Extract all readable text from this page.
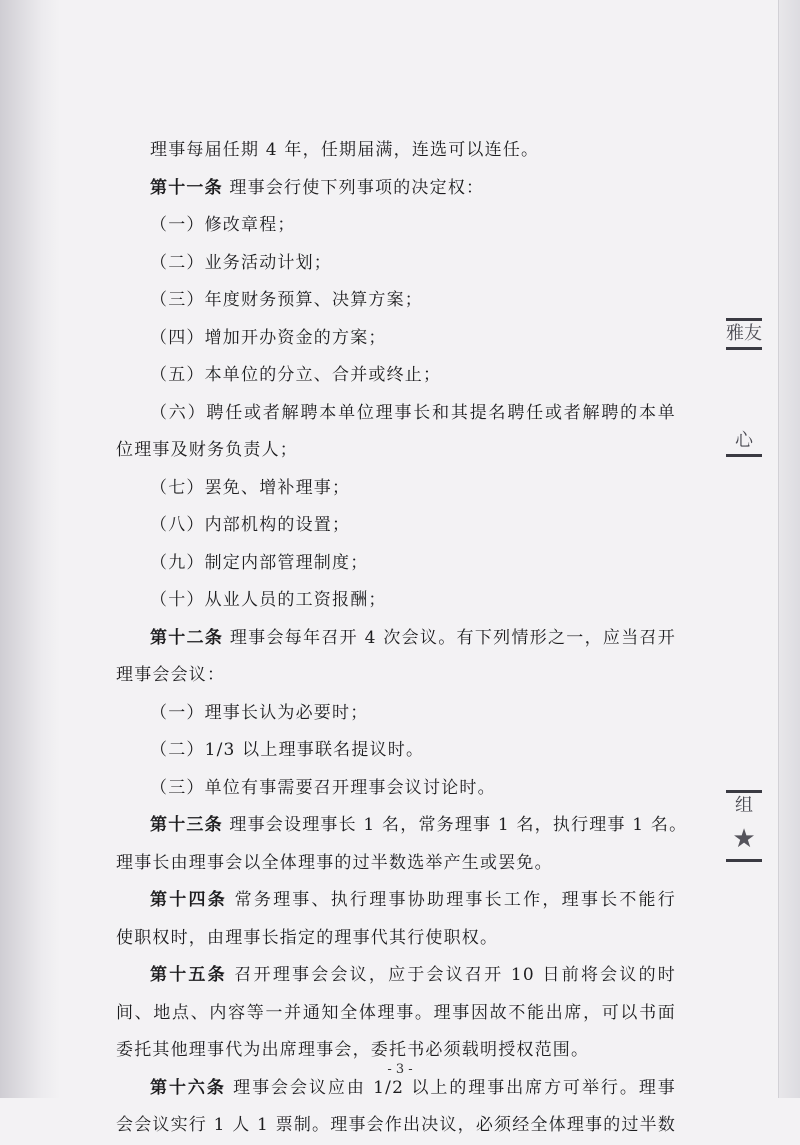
雅友
心
组
★
理事每届任期 4 年，任期届满，连选可以连任。
第十一条 理事会行使下列事项的决定权：
（一）修改章程；
（二）业务活动计划；
（三）年度财务预算、决算方案；
（四）增加开办资金的方案；
（五）本单位的分立、合并或终止；
（六）聘任或者解聘本单位理事长和其提名聘任或者解聘的本单
位理事及财务负责人；
（七）罢免、增补理事；
（八）内部机构的设置；
（九）制定内部管理制度；
（十）从业人员的工资报酬；
第十二条 理事会每年召开 4 次会议。有下列情形之一，应当召开
理事会会议：
（一）理事长认为必要时；
（二）1/3 以上理事联名提议时。
（三）单位有事需要召开理事会议讨论时。
第十三条 理事会设理事长 1 名，常务理事 1 名，执行理事 1 名。
理事长由理事会以全体理事的过半数选举产生或罢免。
第十四条 常务理事、执行理事协助理事长工作，理事长不能行
使职权时，由理事长指定的理事代其行使职权。
第十五条 召开理事会会议，应于会议召开 10 日前将会议的时
间、地点、内容等一并通知全体理事。理事因故不能出席，可以书面
委托其他理事代为出席理事会，委托书必须载明授权范围。
第十六条 理事会会议应由 1/2 以上的理事出席方可举行。理事
会会议实行 1 人 1 票制。理事会作出决议，必须经全体理事的过半数
- 3 -
